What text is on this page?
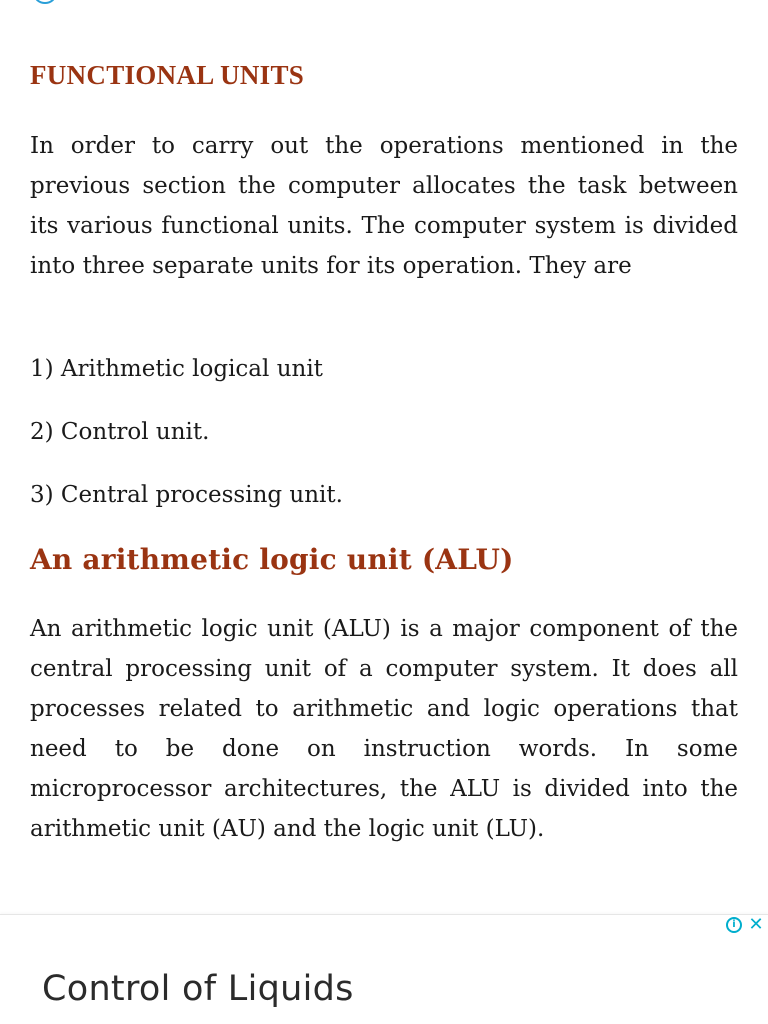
FUNCTIONAL UNITS

In order to carry out the operations mentioned in the previous section the computer allocates the task between its various functional units. The computer system is divided into three separate units for its operation. They are

1) Arithmetic logical unit

2) Control unit.

3) Central processing unit.

An arithmetic logic unit (ALU)

An arithmetic logic unit (ALU) is a major component of the central processing unit of a computer system. It does all processes related to arithmetic and logic operations that need to be done on instruction words. In some microprocessor architectures, the ALU is divided into the arithmetic unit (AU) and the logic unit (LU).

i ✕

Control of Liquids
